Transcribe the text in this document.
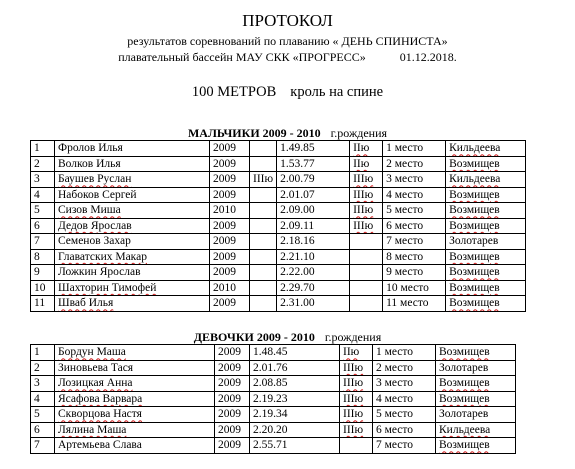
ПРОТОКОЛ
результатов соревнований по плаванию « ДЕНЬ СПИНИСТА»
плавательный бассейн МАУ СКК «ПРОГРЕСС»	01.12.2018.
100 МЕТРОВ кроль на спине
МАЛЬЧИКИ 2009 - 2010 г.рождения
1	Фролов Илья	2009		1.49.85	IIю	1 место	Кильдеева
2	Волков Илья	2009		1.53.77	IIю	2 место	Возмищев
3	Баушев Руслан	2009	IIIю	2.00.79	IIIю	3 место	Кильдеева
4	Набоков Сергей	2009		2.01.07	IIIю	4 место	Возмищев
5	Сизов Миша	2010		2.09.00	IIIю	5 место	Возмищев
6	Дедов Ярослав	2009		2.09.11	IIIю	6 место	Возмищев
7	Семенов Захар	2009		2.18.16		7 место	Золотарев
8	Главатских Макар	2009		2.21.10		8 место	Возмищев
9	Ложкин Ярослав	2009		2.22.00		9 место	Возмищев
10	Шахторин Тимофей	2010		2.29.70		10 место	Возмищев
11	Шваб Илья	2009		2.31.00		11 место	Возмищев
ДЕВОЧКИ 2009 - 2010 г.рождения
1	Бордун Маша	2009	1.48.45	IIю	1 место	Возмищев
2	Зиновьева Тася	2009	2.01.76	IIIю	2 место	Золотарев
3	Лозицкая Анна	2009	2.08.85	IIIю	3 место	Возмищев
4	Ясафова Варвара	2009	2.19.23	IIIю	4 место	Возмищев
5	Скворцова Настя	2009	2.19.34	IIIю	5 место	Золотарев
6	Лялина Маша	2009	2.20.20	IIIю	6 место	Кильдеева
7	Артемьева Слава	2009	2.55.71		7 место	Возмищев
